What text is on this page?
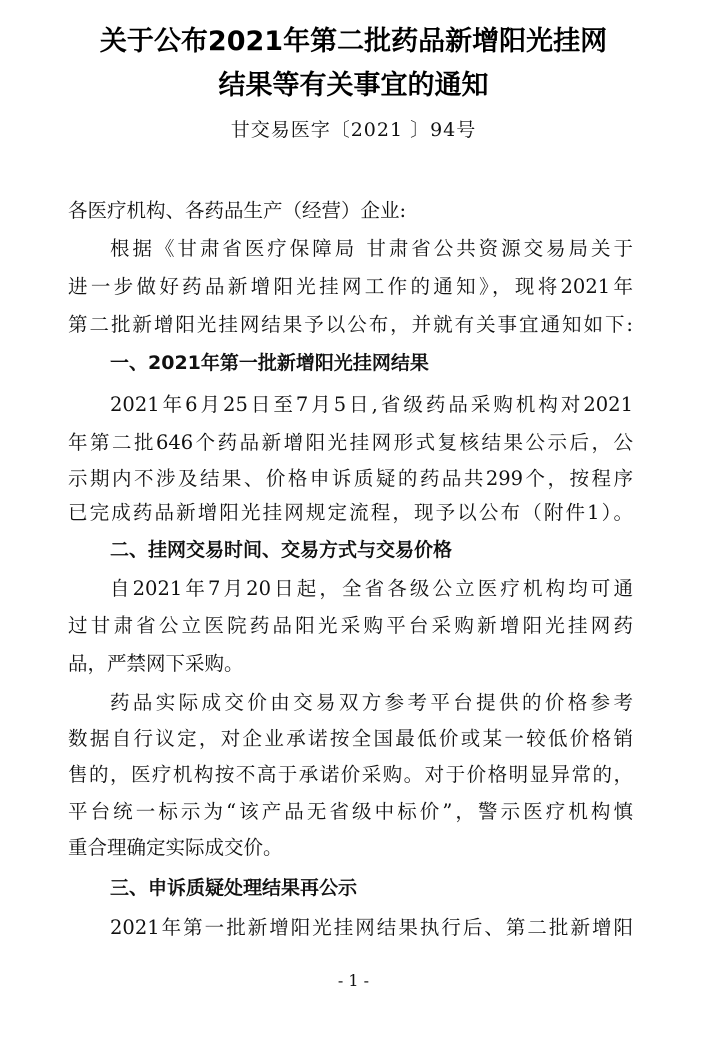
关于公布2021年第二批药品新增阳光挂网
结果等有关事宜的通知
甘交易医字〔2021 〕94号
各医疗机构、各药品生产（经营）企业:
根据《甘肃省医疗保障局 甘肃省公共资源交易局关于
进一步做好药品新增阳光挂网工作的通知》，现将2021年
第二批新增阳光挂网结果予以公布，并就有关事宜通知如下:
一、2021年第一批新增阳光挂网结果
2021年6月25日至7月5日,省级药品采购机构对2021
年第二批646个药品新增阳光挂网形式复核结果公示后，公
示期内不涉及结果、价格申诉质疑的药品共299个，按程序
已完成药品新增阳光挂网规定流程，现予以公布（附件1）。
二、挂网交易时间、交易方式与交易价格
自2021年7月20日起，全省各级公立医疗机构均可通
过甘肃省公立医院药品阳光采购平台采购新增阳光挂网药
品，严禁网下采购。
药品实际成交价由交易双方参考平台提供的价格参考
数据自行议定，对企业承诺按全国最低价或某一较低价格销
售的，医疗机构按不高于承诺价采购。对于价格明显异常的，
平台统一标示为“该产品无省级中标价”，警示医疗机构慎
重合理确定实际成交价。
三、申诉质疑处理结果再公示
2021年第一批新增阳光挂网结果执行后、第二批新增阳
- 1 -
